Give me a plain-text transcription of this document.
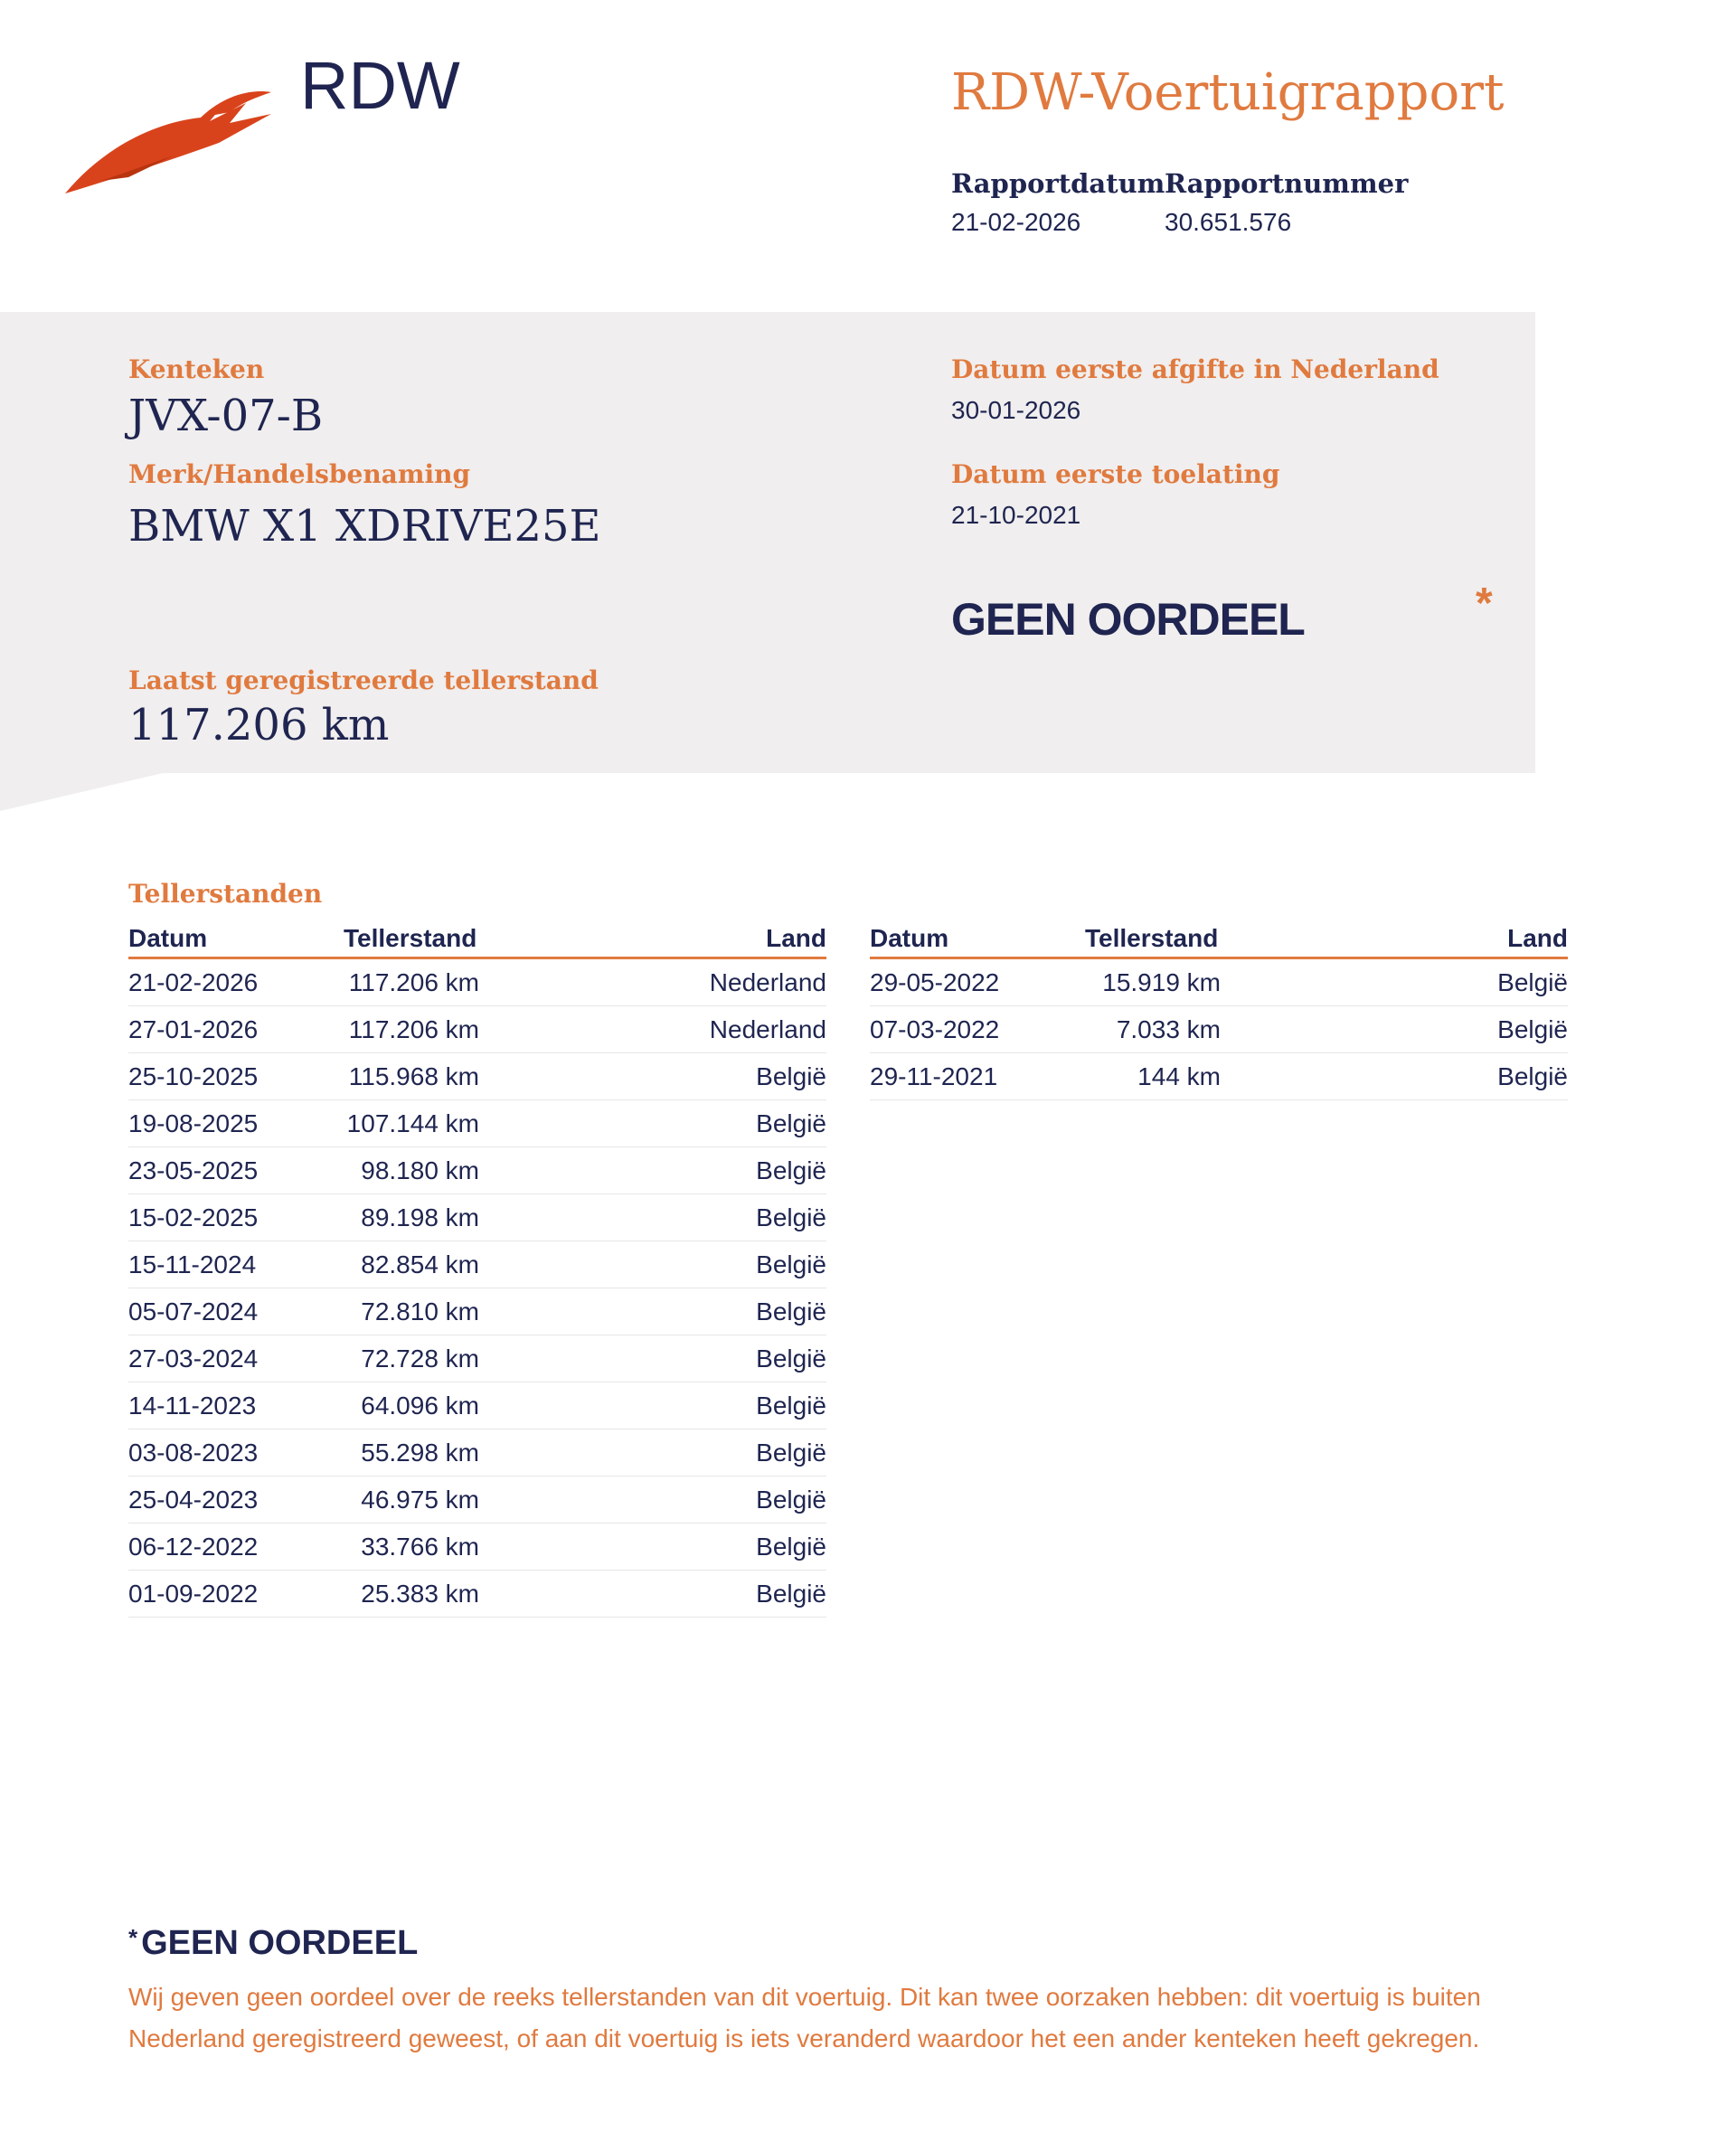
RDW	RDW-Voertuigrapport
Rapportdatum
21-02-2026
Rapportnummer
30.651.576
Kenteken
JVX-07-B
Merk/Handelsbenaming
BMW X1 XDRIVE25E
Laatst geregistreerde tellerstand
117.206 km
Datum eerste afgifte in Nederland
30-01-2026
Datum eerste toelating
21-10-2021
GEEN OORDEEL	*
Tellerstanden
Datum	Tellerstand	Land
21-02-2026	117.206 km	Nederland
27-01-2026	117.206 km	Nederland
25-10-2025	115.968 km	België
19-08-2025	107.144 km	België
23-05-2025	98.180 km	België
15-02-2025	89.198 km	België
15-11-2024	82.854 km	België
05-07-2024	72.810 km	België
27-03-2024	72.728 km	België
14-11-2023	64.096 km	België
03-08-2023	55.298 km	België
25-04-2023	46.975 km	België
06-12-2022	33.766 km	België
01-09-2022	25.383 km	België
Datum	Tellerstand	Land
29-05-2022	15.919 km	België
07-03-2022	7.033 km	België
29-11-2021	144 km	België
* GEEN OORDEEL
Wij geven geen oordeel over de reeks tellerstanden van dit voertuig. Dit kan twee oorzaken hebben: dit voertuig is buiten Nederland geregistreerd geweest, of aan dit voertuig is iets veranderd waardoor het een ander kenteken heeft gekregen.
